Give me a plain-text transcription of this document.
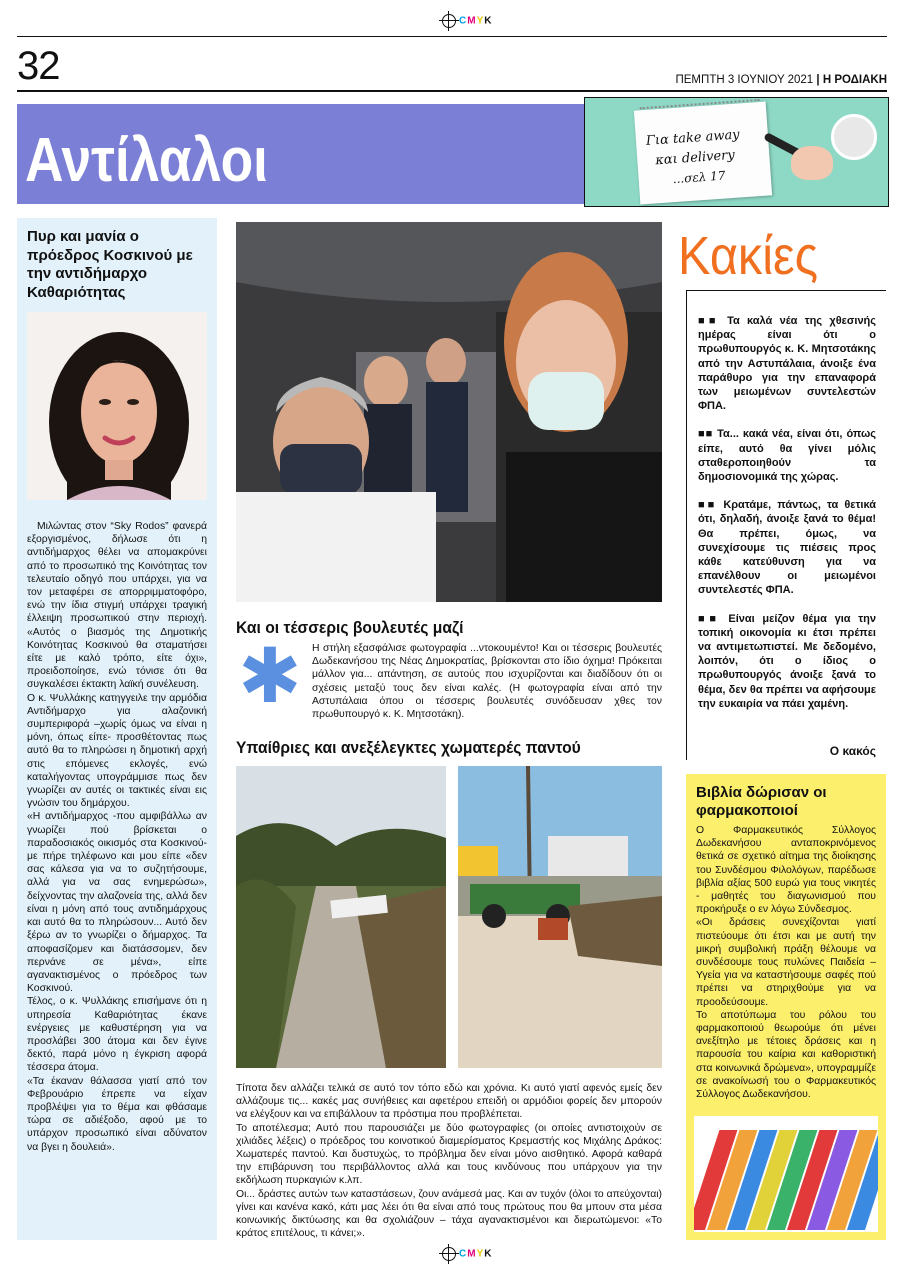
CMYK
32	ΠΕΜΠΤΗ 3 ΙΟΥΝΙΟΥ 2021 | Η ΡΟΔΙΑΚΗ
Αντίλαλοι	Για take away
και delivery
...σελ 17
Πυρ και μανία ο πρόεδρος Κοσκινού με την αντιδήμαρχο Καθαριότητας

Μιλώντας στον “Sky Rodos” φανερά εξοργισμένος, δήλωσε ότι η αντιδήμαρχος θέλει να απομακρύνει από το προσωπικό της Κοινότητας τον τελευταίο οδηγό που υπάρχει, για να τον μεταφέρει σε απορριμματοφόρο, ενώ την ίδια στιγμή υπάρχει τραγική έλλειψη προσωπικού στην περιοχή. «Αυτός ο βιασμός της Δημοτικής Κοινότητας Κοσκινού θα σταματήσει είτε με καλό τρόπο, είτε όχι», προειδοποίησε, ενώ τόνισε ότι θα συγκαλέσει έκτακτη λαϊκή συνέλευση.

Ο κ. Ψυλλάκης κατηγγειλε την αρμόδια Αντιδήμαρχο για αλαζονική συμπεριφορά –χωρίς όμως να είναι η μόνη, όπως είπε- προσθέτοντας πως αυτό θα το πληρώσει η δημοτική αρχή στις επόμενες εκλογές, ενώ καταλήγοντας υπογράμμισε πως δεν γνωρίζει αν αυτές οι τακτικές είναι εις γνώσιν του δημάρχου.

«Η αντιδήμαρχος -που αμφιβάλλω αν γνωρίζει πού βρίσκεται ο παραδοσιακός οικισμός στα Κοσκινού- με πήρε τηλέφωνο και μου είπε «δεν σας κάλεσα για να το συζητήσουμε, αλλά για να σας ενημερώσω», δείχνοντας την αλαζονεία της, αλλά δεν είναι η μόνη από τους αντιδημάρχους και αυτό θα το πληρώσουν... Αυτό δεν ξέρω αν το γνωρίζει ο δήμαρχος. Τα αποφασίζομεν και διατάσσομεν, δεν περνάνε σε μένα», είπε αγανακτισμένος ο πρόεδρος των Κοσκινού.

Τέλος, ο κ. Ψυλλάκης επισήμανε ότι η υπηρεσία Καθαριότητας έκανε ενέργειες με καθυστέρηση για να προσλάβει 300 άτομα και δεν έγινε δεκτό, παρά μόνο η έγκριση αφορά τέσσερα άτομα.

«Τα έκαναν θάλασσα γιατί από τον Φεβρουάριο έπρεπε να είχαν προβλέψει για το θέμα και φθάσαμε τώρα σε αδιέξοδο, αφού με το υπάρχον προσωπικό είναι αδύνατον να βγει η δουλειά».

Και οι τέσσερις βουλευτές μαζί
✱ Η στήλη εξασφάλισε φωτογραφία ...ντοκουμέντο! Και οι τέσσερις βουλευτές Δωδεκανήσου της Νέας Δημοκρατίας, βρίσκονται στο ίδιο όχημα! Πρόκειται μάλλον για... απάντηση, σε αυτούς που ισχυρίζονται και διαδίδουν ότι οι σχέσεις μεταξύ τους δεν είναι καλές. (Η φωτογραφία είναι από την Αστυπάλαια όπου οι τέσσερις βουλευτές συνόδευσαν χθες τον πρωθυπουργό κ. Κ. Μητσοτάκη).
Υπαίθριες και ανεξέλεγκτες χωματερές παντού

Τίποτα δεν αλλάζει τελικά σε αυτό τον τόπο εδώ και χρόνια. Κι αυτό γιατί αφενός εμείς δεν αλλάζουμε τις... κακές μας συνήθειες και αφετέρου επειδή οι αρμόδιοι φορείς δεν μπορούν να ελέγξουν και να επιβάλλουν τα πρόστιμα που προβλέπεται.

Το αποτέλεσμα; Αυτό που παρουσιάζει με δύο φωτογραφίες (οι οποίες αντιστοιχούν σε χιλιάδες λέξεις) ο πρόεδρος του κοινοτικού διαμερίσματος Κρεμαστής κος Μιχάλης Δράκος: Χωματερές παντού. Και δυστυχώς, το πρόβλημα δεν είναι μόνο αισθητικό. Αφορά καθαρά την επιβάρυνση του περιβάλλοντος αλλά και τους κινδύνους που υπάρχουν για την εκδήλωση πυρκαγιών κ.λπ.

Οι... δράστες αυτών των καταστάσεων, ζουν ανάμεσά μας. Και αν τυχόν (όλοι το απεύχονται) γίνει και κανένα κακό, κάτι μας λέει ότι θα είναι από τους πρώτους που θα μπουν στα μέσα κοινωνικής δικτύωσης και θα σχολιάζουν – τάχα αγανακτισμένοι και διερωτώμενοι: «Το κράτος επιτέλους, τι κάνει;».

Κακίες
■■ Τα καλά νέα της χθεσινής ημέρας είναι ότι ο πρωθυπουργός κ. Κ. Μητσοτάκης από την Αστυπάλαια, άνοιξε ένα παράθυρο για την επαναφορά των μειωμένων συντελεστών ΦΠΑ.
■■ Τα... κακά νέα, είναι ότι, όπως είπε, αυτό θα γίνει μόλις σταθεροποιηθούν τα δημοσιονομικά της χώρας.
■■ Κρατάμε, πάντως, τα θετικά ότι, δηλαδή, άνοιξε ξανά το θέμα! Θα πρέπει, όμως, να συνεχίσουμε τις πιέσεις προς κάθε κατεύθυνση για να επανέλθουν οι μειωμένοι συντελεστές ΦΠΑ.
■■ Είναι μείζον θέμα για την τοπική οικονομία κι έτσι πρέπει να αντιμετωπιστεί. Με δεδομένο, λοιπόν, ότι ο ίδιος ο πρωθυπουργός άνοιξε ξανά το θέμα, δεν θα πρέπει να αφήσουμε την ευκαιρία να πάει χαμένη.
Ο κακός
Βιβλία δώρισαν οι φαρμακοποιοί

Ο Φαρμακευτικός Σύλλογος Δωδεκανήσου ανταποκρινόμενος θετικά σε σχετικό αίτημα της διοίκησης του Συνδέσμου Φιλολόγων, παρέδωσε βιβλία αξίας 500 ευρώ για τους νικητές - μαθητές του διαγωνισμού που προκήρυξε ο εν λόγω Σύνδεσμος.

«Οι δράσεις συνεχίζονται γιατί πιστεύουμε ότι έτσι και με αυτή την μικρή συμβολική πράξη θέλουμε να συνδέσουμε τους πυλώνες Παιδεία – Υγεία για να καταστήσουμε σαφές πού πρέπει να στηριχθούμε για να προοδεύσουμε.

Το αποτύπωμα του ρόλου του φαρμακοποιού θεωρούμε ότι μένει ανεξίτηλο με τέτοιες δράσεις και η παρουσία του καίρια και καθοριστική στα κοινωνικά δρώμενα», υπογραμμίζε σε ανακοίνωσή του ο Φαρμακευτικός Σύλλογος Δωδεκανήσου.

CMYK
